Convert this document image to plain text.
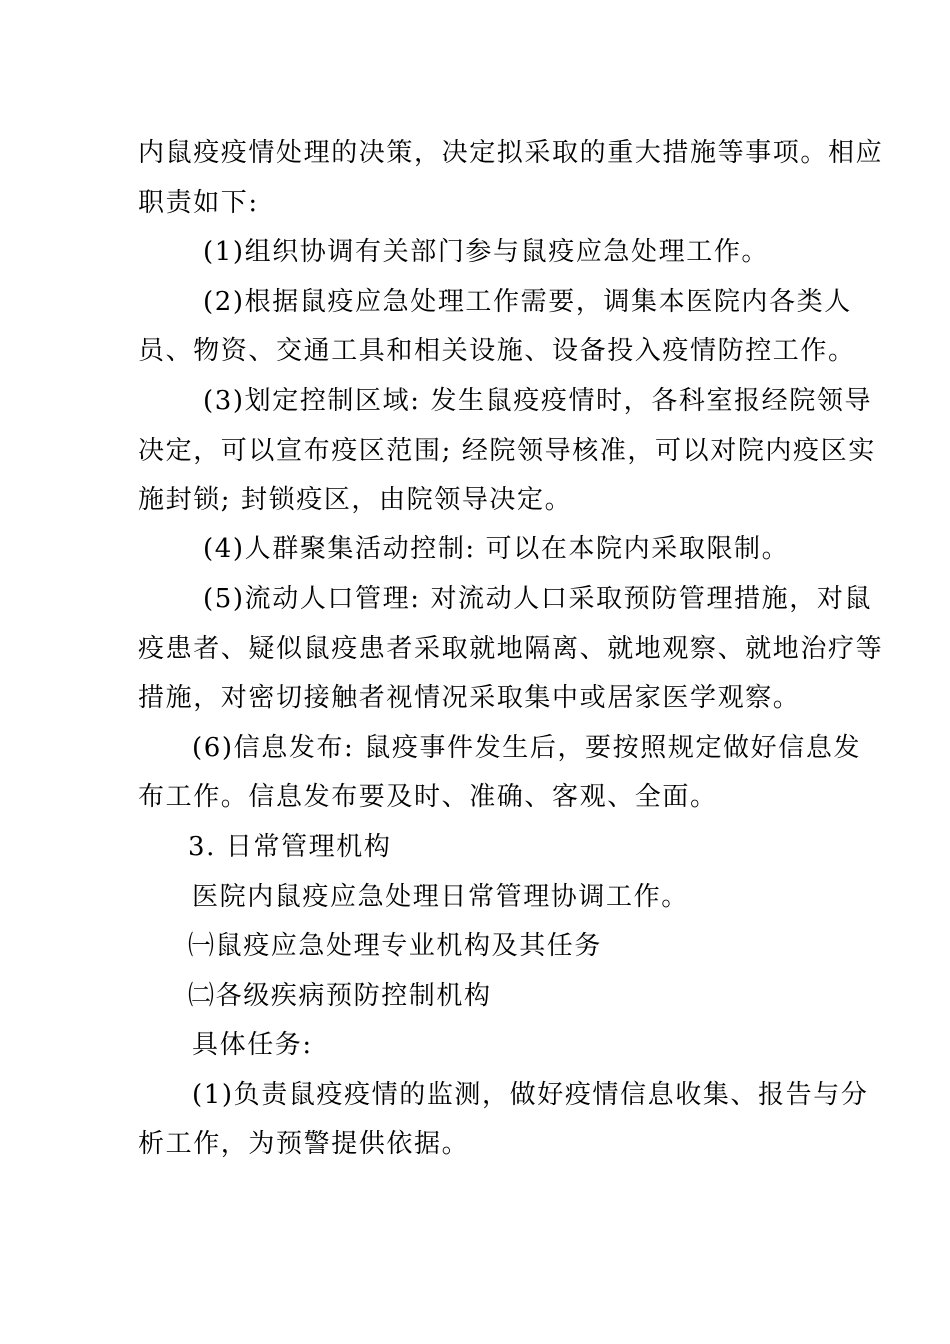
内鼠疫疫情处理的决策，决定拟采取的重大措施等事项。相应
职责如下:
(1)组织协调有关部门参与鼠疫应急处理工作。
(2)根据鼠疫应急处理工作需要，调集本医院内各类人
员、物资、交通工具和相关设施、设备投入疫情防控工作。
(3)划定控制区域: 发生鼠疫疫情时，各科室报经院领导
决定，可以宣布疫区范围; 经院领导核准，可以对院内疫区实
施封锁; 封锁疫区，由院领导决定。
(4)人群聚集活动控制: 可以在本院内采取限制。
(5)流动人口管理: 对流动人口采取预防管理措施，对鼠
疫患者、疑似鼠疫患者采取就地隔离、就地观察、就地治疗等
措施，对密切接触者视情况采取集中或居家医学观察。
(6)信息发布: 鼠疫事件发生后，要按照规定做好信息发
布工作。信息发布要及时、准确、客观、全面。
3. 日常管理机构
医院内鼠疫应急处理日常管理协调工作。
㈠鼠疫应急处理专业机构及其任务
㈡各级疾病预防控制机构
具体任务:
(1)负责鼠疫疫情的监测，做好疫情信息收集、报告与分
析工作，为预警提供依据。
